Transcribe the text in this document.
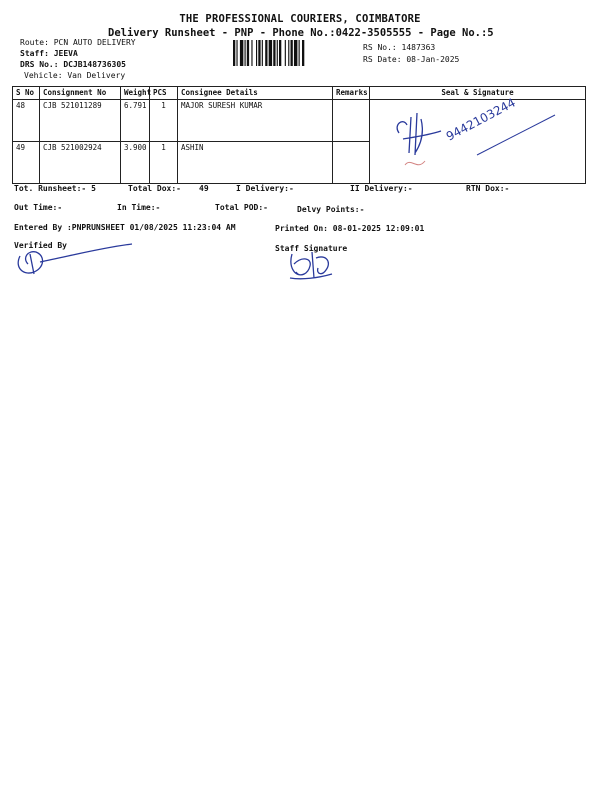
THE PROFESSIONAL COURIERS, COIMBATORE
Delivery Runsheet - PNP - Phone No.:0422-3505555 - Page No.:5
Route: PCN AUTO DELIVERY
Staff: JEEVA
DRS No.: DCJB148736305
Vehicle: Van Delivery
RS No.: 1487363
RS Date: 08-Jan-2025
S No	Consignment No	Weight	PCS	Consignee Details	Remarks	Seal & Signature
48	CJB 521011289	6.791	1	MAJOR SURESH KUMAR		
49	CJB 521002924	3.900	1	ASHIN		
9442103244
Tot. Runsheet:- 5	Total Dox:- 49	I Delivery:-	II Delivery:-	RTN Dox:-
Out Time:-	In Time:-	Total POD:-	Delvy Points:-
Entered By :PNPRUNSHEET 01/08/2025 11:23:04 AM	Printed On: 08-01-2025 12:09:01
Verified By	Staff Signature
